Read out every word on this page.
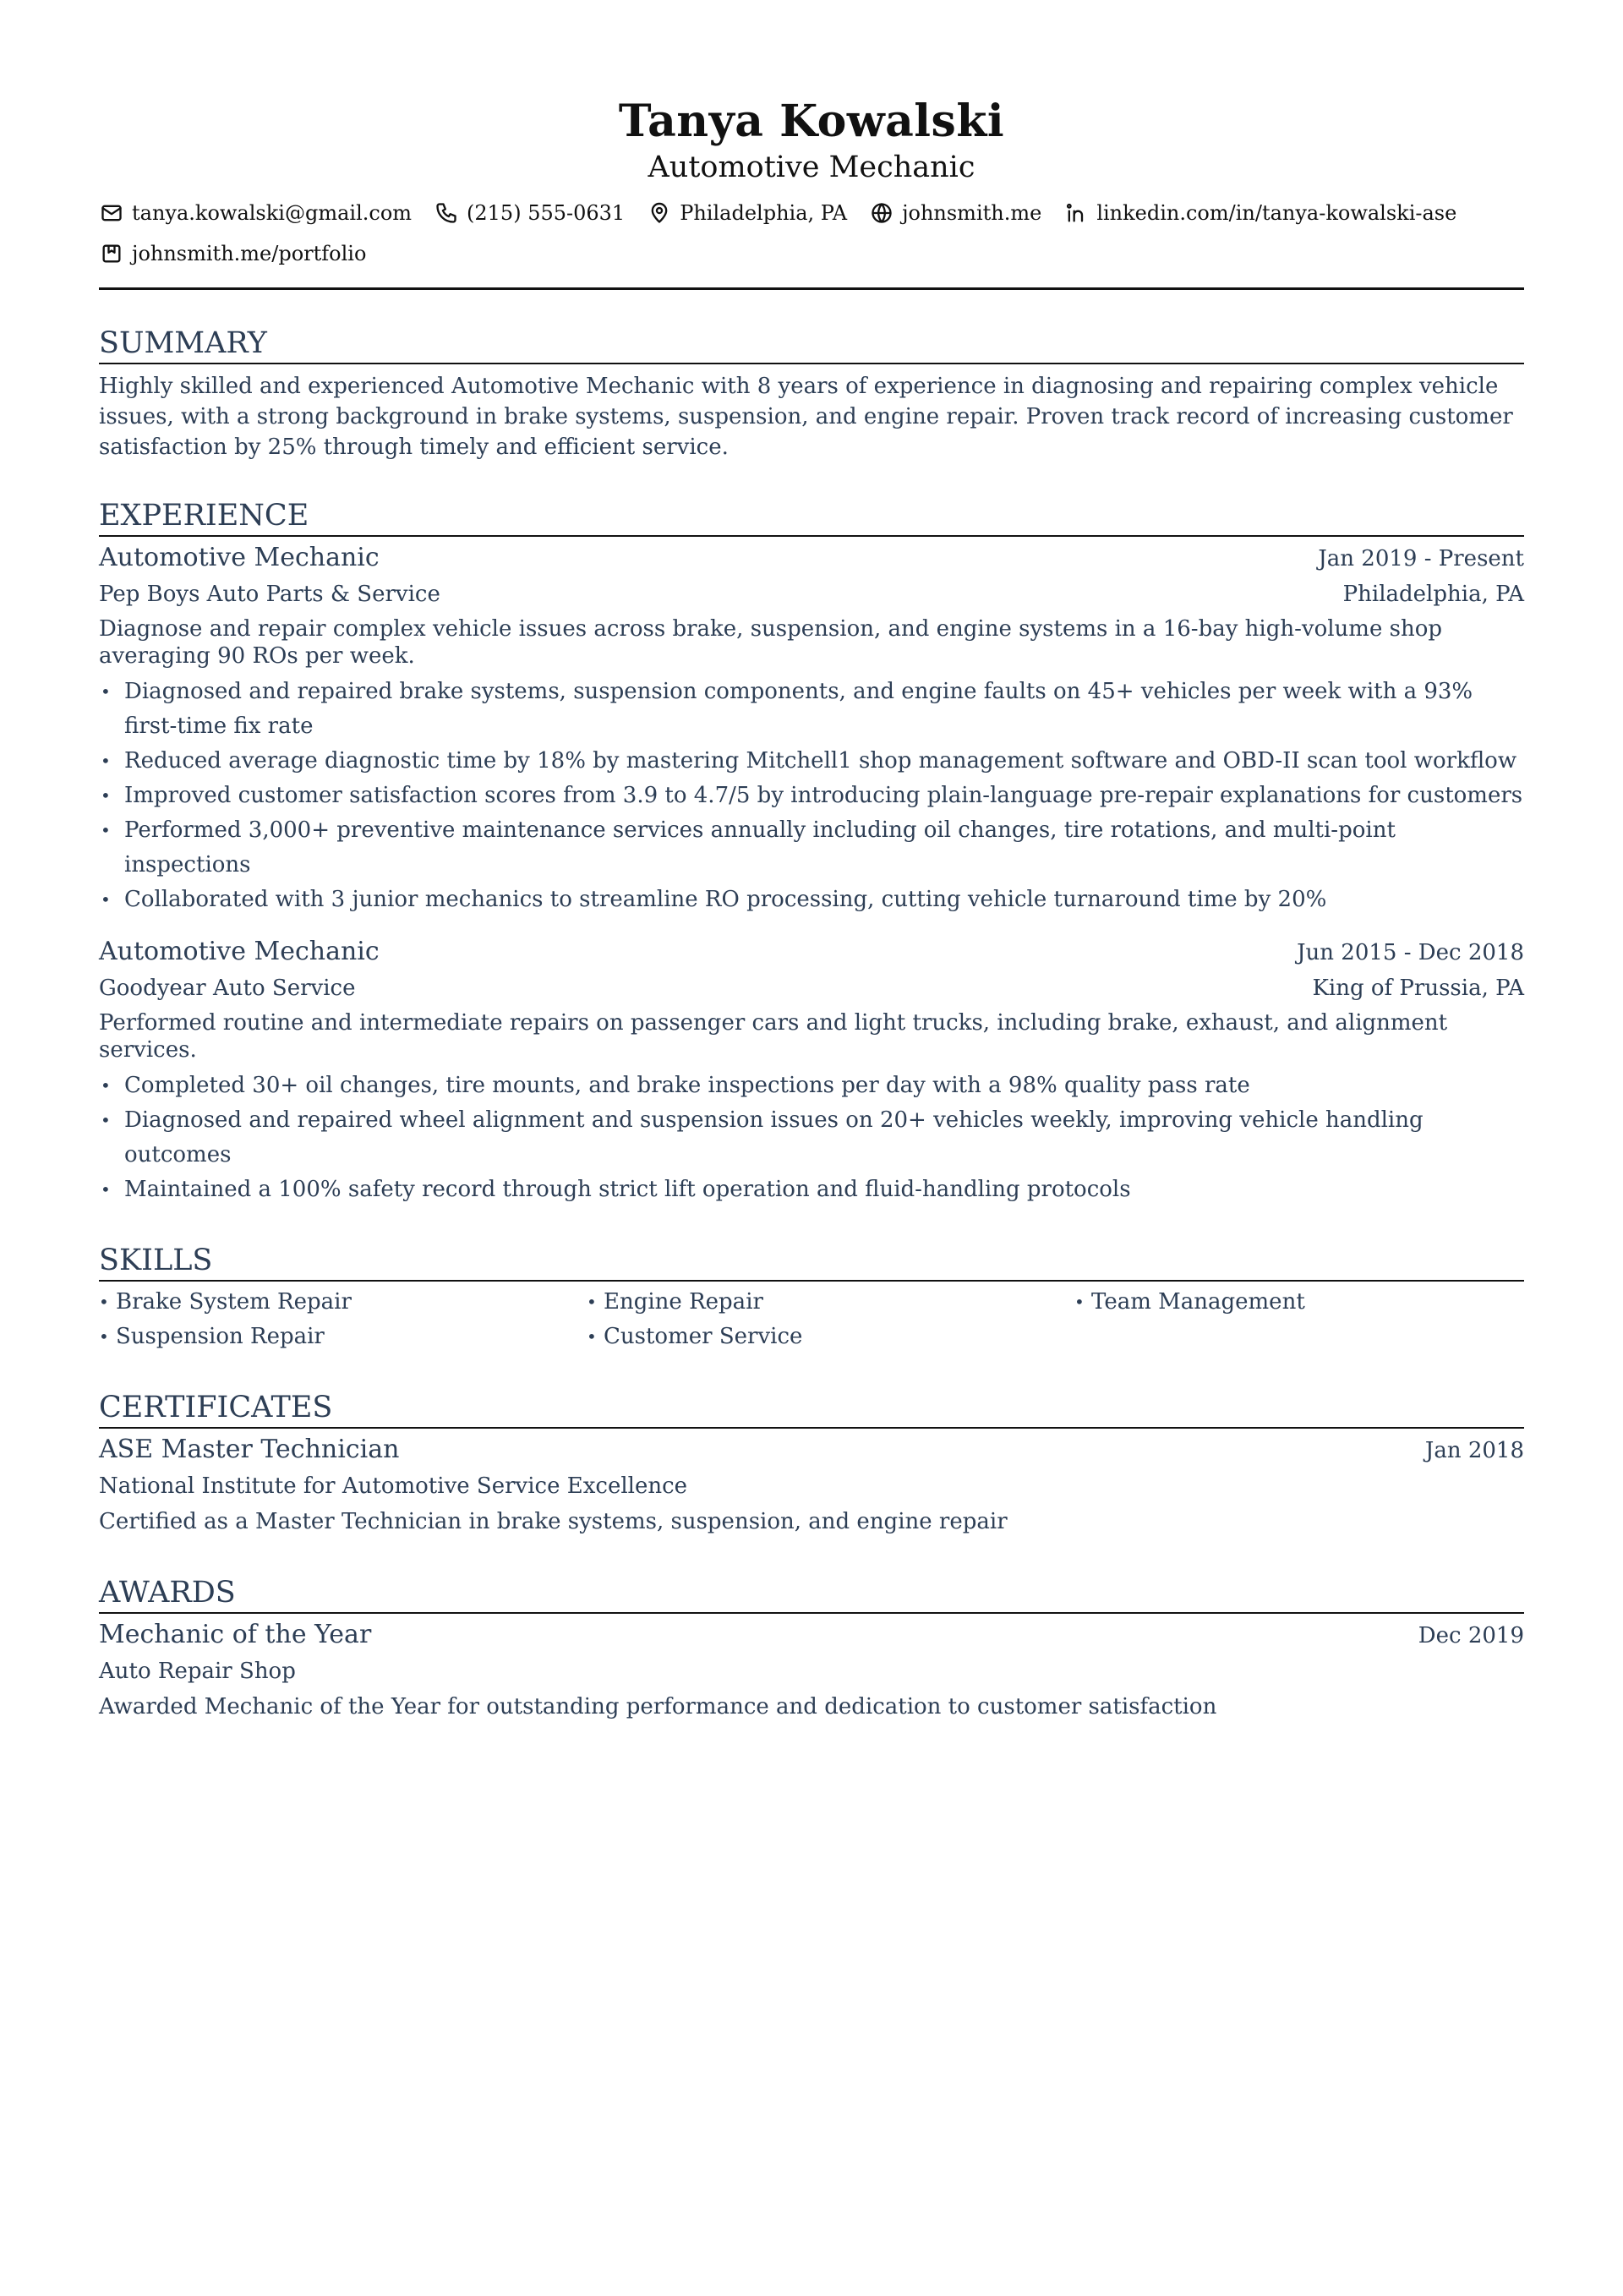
Tanya Kowalski
Automotive Mechanic
tanya.kowalski@gmail.com	(215) 555-0631	Philadelphia, PA	johnsmith.me	linkedin.com/in/tanya-kowalski-ase
johnsmith.me/portfolio
SUMMARY
Highly skilled and experienced Automotive Mechanic with 8 years of experience in diagnosing and repairing complex vehicle issues, with a strong background in brake systems, suspension, and engine repair. Proven track record of increasing customer satisfaction by 25% through timely and efficient service.
EXPERIENCE
Automotive Mechanic	Jan 2019 - Present
Pep Boys Auto Parts & Service	Philadelphia, PA
Diagnose and repair complex vehicle issues across brake, suspension, and engine systems in a 16-bay high-volume shop averaging 90 ROs per week.
• Diagnosed and repaired brake systems, suspension components, and engine faults on 45+ vehicles per week with a 93% first-time fix rate
• Reduced average diagnostic time by 18% by mastering Mitchell1 shop management software and OBD-II scan tool workflow
• Improved customer satisfaction scores from 3.9 to 4.7/5 by introducing plain-language pre-repair explanations for customers
• Performed 3,000+ preventive maintenance services annually including oil changes, tire rotations, and multi-point inspections
• Collaborated with 3 junior mechanics to streamline RO processing, cutting vehicle turnaround time by 20%
Automotive Mechanic	Jun 2015 - Dec 2018
Goodyear Auto Service	King of Prussia, PA
Performed routine and intermediate repairs on passenger cars and light trucks, including brake, exhaust, and alignment services.
• Completed 30+ oil changes, tire mounts, and brake inspections per day with a 98% quality pass rate
• Diagnosed and repaired wheel alignment and suspension issues on 20+ vehicles weekly, improving vehicle handling outcomes
• Maintained a 100% safety record through strict lift operation and fluid-handling protocols
SKILLS
• Brake System Repair	• Engine Repair	• Team Management
• Suspension Repair	• Customer Service
CERTIFICATES
ASE Master Technician	Jan 2018
National Institute for Automotive Service Excellence
Certified as a Master Technician in brake systems, suspension, and engine repair
AWARDS
Mechanic of the Year	Dec 2019
Auto Repair Shop
Awarded Mechanic of the Year for outstanding performance and dedication to customer satisfaction
